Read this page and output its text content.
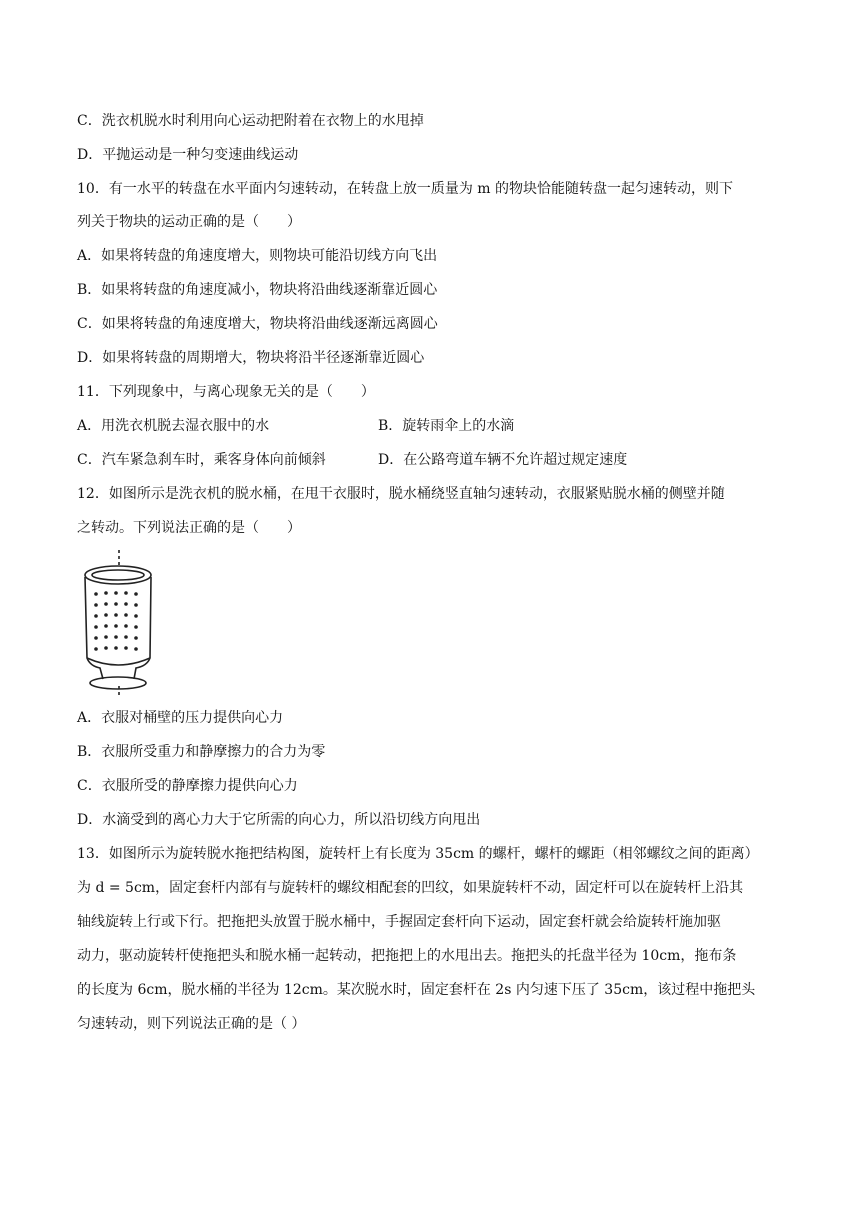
C．洗衣机脱水时利用向心运动把附着在衣物上的水甩掉
D．平抛运动是一种匀变速曲线运动
10．有一水平的转盘在水平面内匀速转动，在转盘上放一质量为 m 的物块恰能随转盘一起匀速转动，则下
列关于物块的运动正确的是（　　）
A．如果将转盘的角速度增大，则物块可能沿切线方向飞出
B．如果将转盘的角速度减小，物块将沿曲线逐渐靠近圆心
C．如果将转盘的角速度增大，物块将沿曲线逐渐远离圆心
D．如果将转盘的周期增大，物块将沿半径逐渐靠近圆心
11．下列现象中，与离心现象无关的是（　　）
A．用洗衣机脱去湿衣服中的水	B．旋转雨伞上的水滴
C．汽车紧急刹车时，乘客身体向前倾斜	D．在公路弯道车辆不允许超过规定速度
12．如图所示是洗衣机的脱水桶，在甩干衣服时，脱水桶绕竖直轴匀速转动，衣服紧贴脱水桶的侧壁并随
之转动。下列说法正确的是（　　）
A．衣服对桶壁的压力提供向心力
B．衣服所受重力和静摩擦力的合力为零
C．衣服所受的静摩擦力提供向心力
D．水滴受到的离心力大于它所需的向心力，所以沿切线方向甩出
13．如图所示为旋转脱水拖把结构图，旋转杆上有长度为 35cm 的螺杆，螺杆的螺距（相邻螺纹之间的距离）
为 d = 5cm，固定套杆内部有与旋转杆的螺纹相配套的凹纹，如果旋转杆不动，固定杆可以在旋转杆上沿其
轴线旋转上行或下行。把拖把头放置于脱水桶中，手握固定套杆向下运动，固定套杆就会给旋转杆施加驱
动力，驱动旋转杆使拖把头和脱水桶一起转动，把拖把上的水甩出去。拖把头的托盘半径为 10cm，拖布条
的长度为 6cm，脱水桶的半径为 12cm。某次脱水时，固定套杆在 2s 内匀速下压了 35cm，该过程中拖把头
匀速转动，则下列说法正确的是（ ）
